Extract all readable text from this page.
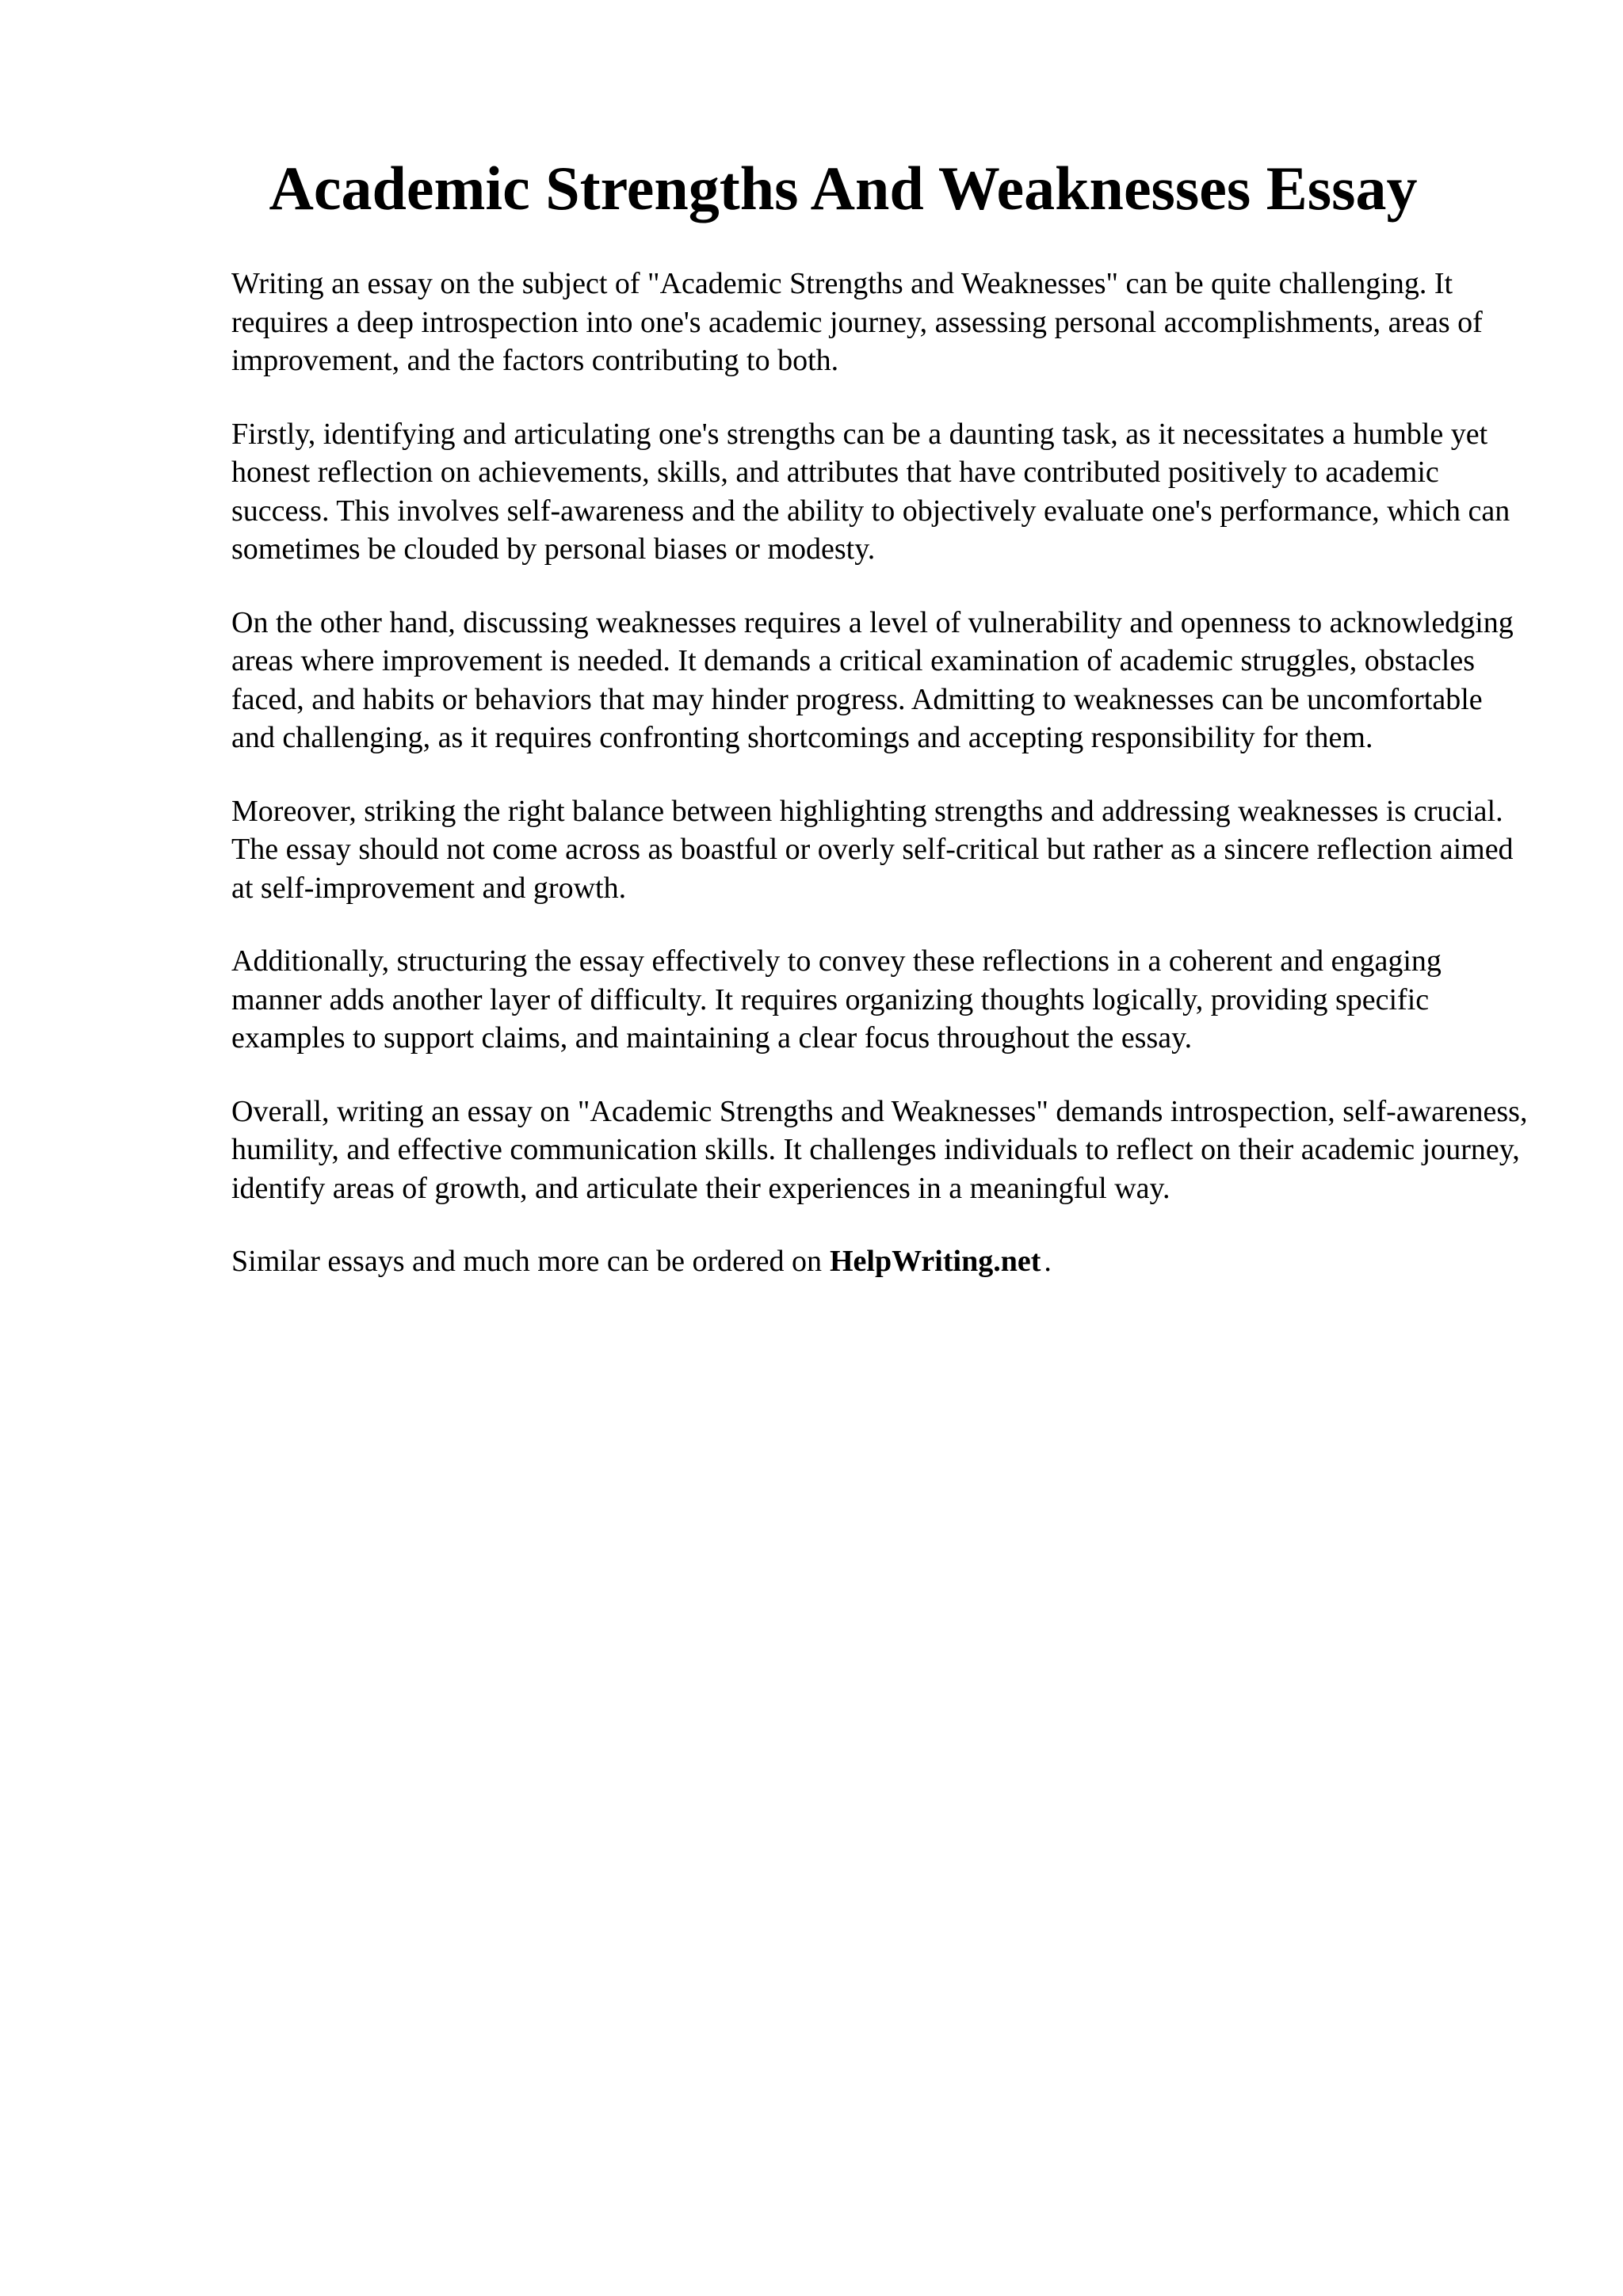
Academic Strengths And Weaknesses Essay

Writing an essay on the subject of "Academic Strengths and Weaknesses" can be quite challenging. It requires a deep introspection into one's academic journey, assessing personal accomplishments, areas of improvement, and the factors contributing to both.

Firstly, identifying and articulating one's strengths can be a daunting task, as it necessitates a humble yet honest reflection on achievements, skills, and attributes that have contributed positively to academic success. This involves self-awareness and the ability to objectively evaluate one's performance, which can sometimes be clouded by personal biases or modesty.

On the other hand, discussing weaknesses requires a level of vulnerability and openness to acknowledging areas where improvement is needed. It demands a critical examination of academic struggles, obstacles faced, and habits or behaviors that may hinder progress. Admitting to weaknesses can be uncomfortable and challenging, as it requires confronting shortcomings and accepting responsibility for them.

Moreover, striking the right balance between highlighting strengths and addressing weaknesses is crucial. The essay should not come across as boastful or overly self-critical but rather as a sincere reflection aimed at self-improvement and growth.

Additionally, structuring the essay effectively to convey these reflections in a coherent and engaging manner adds another layer of difficulty. It requires organizing thoughts logically, providing specific examples to support claims, and maintaining a clear focus throughout the essay.

Overall, writing an essay on "Academic Strengths and Weaknesses" demands introspection, self-awareness, humility, and effective communication skills. It challenges individuals to reflect on their academic journey, identify areas of growth, and articulate their experiences in a meaningful way.

Similar essays and much more can be ordered on HelpWriting.net .
